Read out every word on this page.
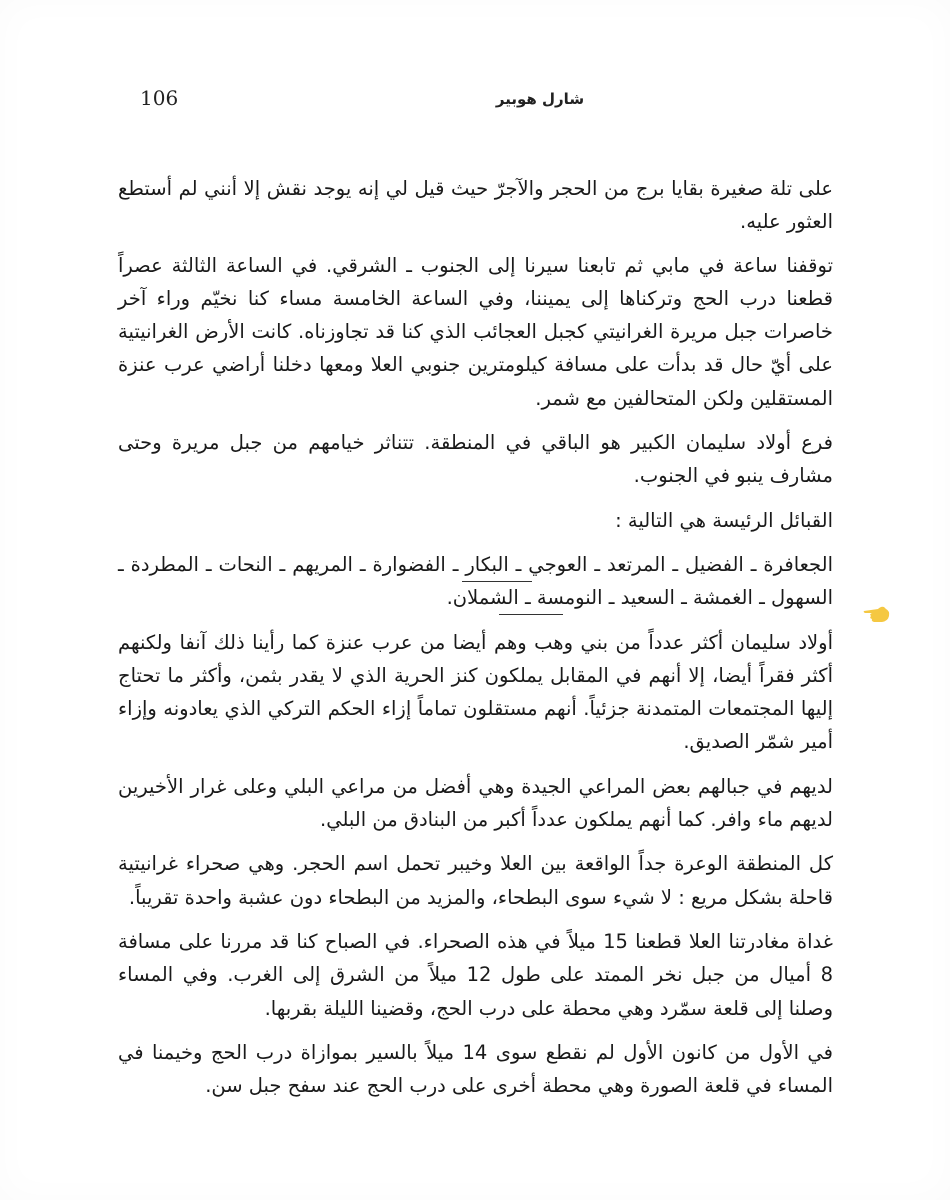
106	شارل هوبير

على تلة صغيرة بقايا برج من الحجر والآجرّ حيث قيل لي إنه يوجد نقش إلا أنني لم أستطع العثور عليه.

توقفنا ساعة في مابي ثم تابعنا سيرنا إلى الجنوب ـ الشرقي. في الساعة الثالثة عصراً قطعنا درب الحج وتركناها إلى يميننا، وفي الساعة الخامسة مساء كنا نخيّم وراء آخر خاصرات جبل مريرة الغرانيتي كجبل العجائب الذي كنا قد تجاوزناه. كانت الأرض الغرانيتية على أيّ حال قد بدأت على مسافة كيلومترين جنوبي العلا ومعها دخلنا أراضي عرب عنزة المستقلين ولكن المتحالفين مع شمر.

فرع أولاد سليمان الكبير هو الباقي في المنطقة. تتناثر خيامهم من جبل مريرة وحتى مشارف ينبو في الجنوب.

القبائل الرئيسة هي التالية :

الجعافرة ـ الفضيل ـ المرتعد ـ العوجي ـ البكار ـ الفضوارة ـ المريهم ـ النحات ـ المطردة ـ السهول ـ الغمشة ـ السعيد ـ النومسة ـ الشملان.

أولاد سليمان أكثر عدداً من بني وهب وهم أيضا من عرب عنزة كما رأينا ذلك آنفا ولكنهم أكثر فقراً أيضا، إلا أنهم في المقابل يملكون كنز الحرية الذي لا يقدر بثمن، وأكثر ما تحتاج إليها المجتمعات المتمدنة جزئياً. أنهم مستقلون تماماً إزاء الحكم التركي الذي يعادونه وإزاء أمير شمّر الصديق.

لديهم في جبالهم بعض المراعي الجيدة وهي أفضل من مراعي البلي وعلى غرار الأخيرين لديهم ماء وافر. كما أنهم يملكون عدداً أكبر من البنادق من البلي.

كل المنطقة الوعرة جداً الواقعة بين العلا وخيبر تحمل اسم الحجر. وهي صحراء غرانيتية قاحلة بشكل مريع : لا شيء سوى البطحاء، والمزيد من البطحاء دون عشبة واحدة تقريباً.

غداة مغادرتنا العلا قطعنا 15 ميلاً في هذه الصحراء. في الصباح كنا قد مررنا على مسافة 8 أميال من جبل نخر الممتد على طول 12 ميلاً من الشرق إلى الغرب. وفي المساء وصلنا إلى قلعة سمّرد وهي محطة على درب الحج، وقضينا الليلة بقربها.

في الأول من كانون الأول لم نقطع سوى 14 ميلاً بالسير بموازاة درب الحج وخيمنا في المساء في قلعة الصورة وهي محطة أخرى على درب الحج عند سفح جبل سن.
